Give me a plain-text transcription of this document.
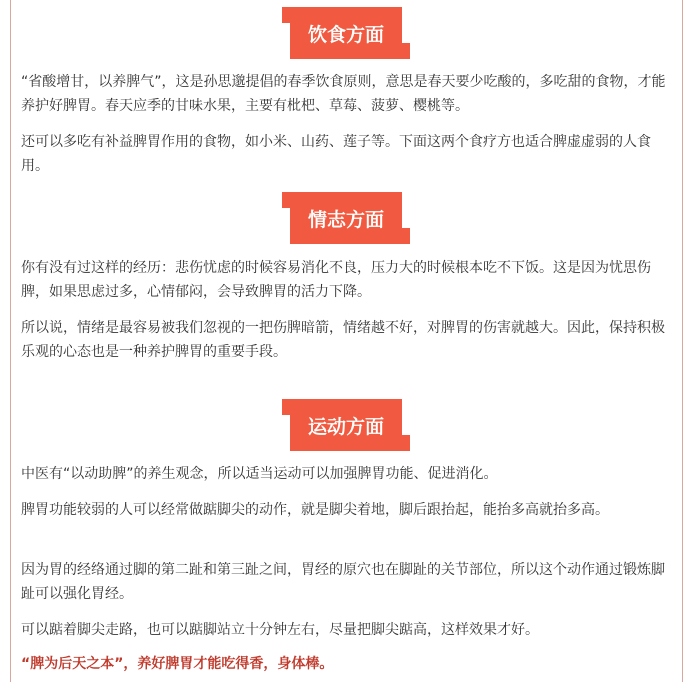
饮食方面
“省酸增甘，以养脾气”，这是孙思邈提倡的春季饮食原则，意思是春天要少吃酸的，多吃甜的食物，才能养护好脾胃。春天应季的甘味水果，主要有枇杷、草莓、菠萝、樱桃等。
还可以多吃有补益脾胃作用的食物，如小米、山药、莲子等。下面这两个食疗方也适合脾虚虚弱的人食用。
情志方面
你有没有过这样的经历：悲伤忧虑的时候容易消化不良，压力大的时候根本吃不下饭。这是因为忧思伤脾，如果思虑过多，心情郁闷，会导致脾胃的活力下降。
所以说，情绪是最容易被我们忽视的一把伤脾暗箭，情绪越不好，对脾胃的伤害就越大。因此，保持积极乐观的心态也是一种养护脾胃的重要手段。
运动方面
中医有“以动助脾”的养生观念，所以适当运动可以加强脾胃功能、促进消化。
脾胃功能较弱的人可以经常做踮脚尖的动作，就是脚尖着地，脚后跟抬起，能抬多高就抬多高。
因为胃的经络通过脚的第二趾和第三趾之间，胃经的原穴也在脚趾的关节部位，所以这个动作通过锻炼脚趾可以强化胃经。
可以踮着脚尖走路，也可以踮脚站立十分钟左右，尽量把脚尖踮高，这样效果才好。
“脾为后天之本”，养好脾胃才能吃得香，身体棒。
